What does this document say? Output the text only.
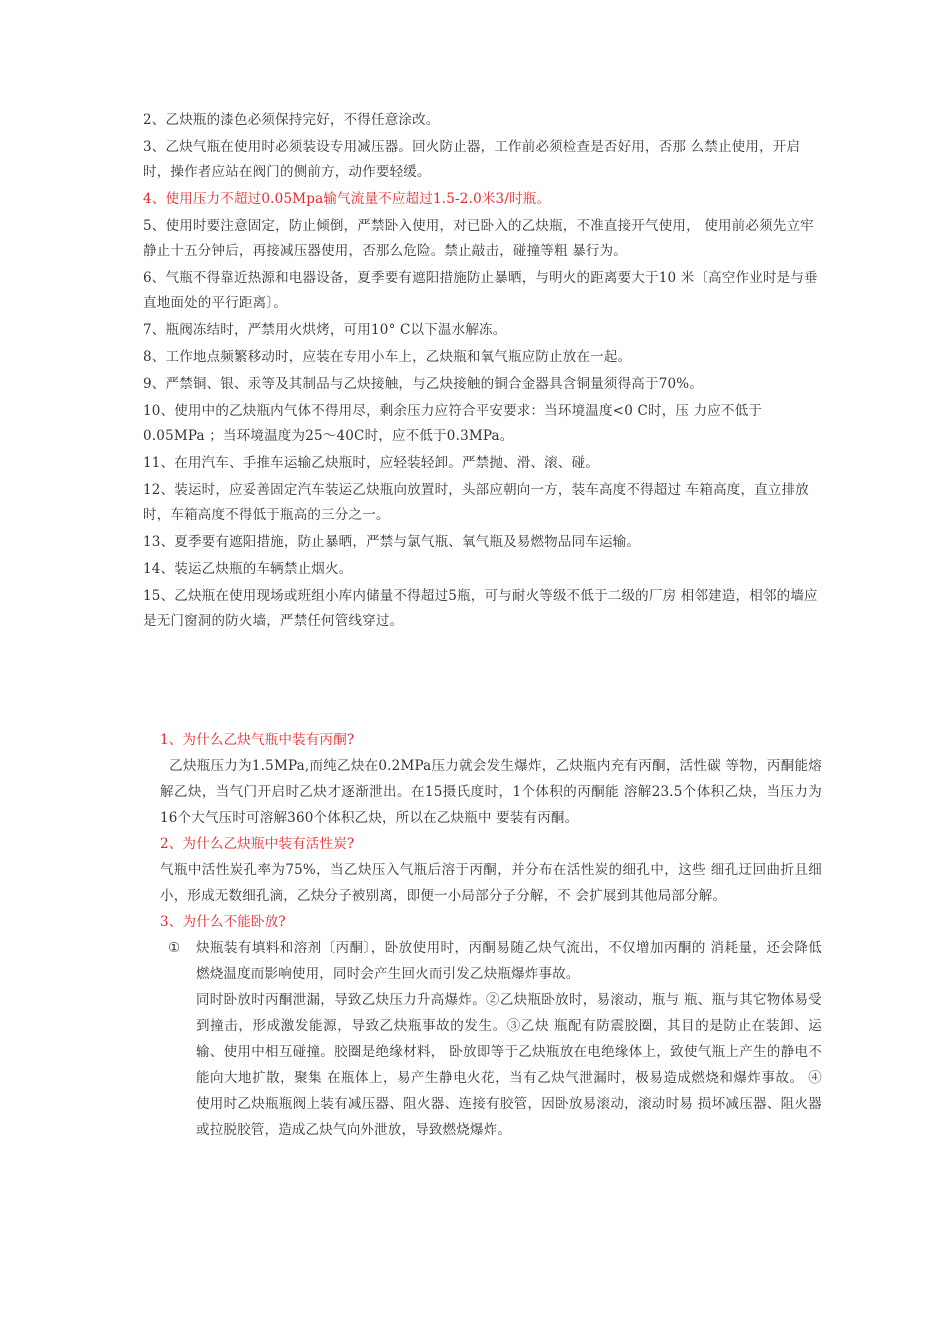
2、乙炔瓶的漆色必须保持完好，不得任意涂改。

3、乙炔气瓶在使用时必须装设专用减压器。回火防止器，工作前必须检查是否好用，否那 么禁止使用，开启时，操作者应站在阀门的侧前方，动作要轻缓。

4、使用压力不超过0.05Mpa输气流量不应超过1.5-2.0米3/时瓶。

5、使用时要注意固定，防止倾倒，严禁卧入使用，对已卧入的乙炔瓶，不准直接开气使用， 使用前必须先立牢静止十五分钟后，再接减压器使用，否那么危险。禁止敲击，碰撞等粗 暴行为。

6、气瓶不得靠近热源和电器设备，夏季要有遮阳措施防止暴晒，与明火的距离要大于10 米〔高空作业时是与垂直地面处的平行距离〕。

7、瓶阀冻结时，严禁用火烘烤，可用10° C以下温水解冻。

8、工作地点频繁移动时，应装在专用小车上，乙炔瓶和氧气瓶应防止放在一起。

9、严禁铜、银、汞等及其制品与乙炔接触，与乙炔接触的铜合金器具含铜量须得高于70%。

10、使用中的乙炔瓶内气体不得用尽，剩余压力应符合平安要求：当环境温度<0 C时，压 力应不低于0.05MPa ；当环境温度为25〜40C时，应不低于0.3MPa。

11、在用汽车、手推车运输乙炔瓶时，应轻装轻卸。严禁抛、滑、滚、碰。

12、装运时，应妥善固定汽车装运乙炔瓶向放置时，头部应朝向一方，装车高度不得超过 车箱高度，直立排放时，车箱高度不得低于瓶高的三分之一。

13、夏季要有遮阳措施，防止暴晒，严禁与氯气瓶、氧气瓶及易燃物品同车运输。

14、装运乙炔瓶的车辆禁止烟火。

15、乙炔瓶在使用现场或班组小库内储量不得超过5瓶，可与耐火等级不低于二级的厂房 相邻建造，相邻的墙应是无门窗洞的防火墙，严禁任何管线穿过。

1、为什么乙炔气瓶中装有丙酮?

乙炔瓶压力为1.5MPa,而纯乙炔在0.2MPa压力就会发生爆炸，乙炔瓶内充有丙酮，活性碳 等物，丙酮能熔解乙炔，当气门开启时乙炔才逐渐泄出。在15摄氏度时，1个体积的丙酮能 溶解23.5个体积乙炔，当压力为16个大气压时可溶解360个体积乙炔，所以在乙炔瓶中 要装有丙酮。

2、为什么乙炔瓶中装有活性炭?

气瓶中活性炭孔率为75%，当乙炔压入气瓶后溶于丙酮，并分布在活性炭的细孔中，这些 细孔迂回曲折且细小，形成无数细孔滴，乙炔分子被别离，即便一小局部分子分解，不 会扩展到其他局部分解。

3、为什么不能卧放?

① 炔瓶装有填料和溶剂〔丙酮〕，卧放使用时，丙酮易随乙炔气流出，不仅增加丙酮的 消耗量，还会降低燃烧温度而影响使用，同时会产生回火而引发乙炔瓶爆炸事故。

同时卧放时丙酮泄漏，导致乙炔压力升高爆炸。②乙炔瓶卧放时，易滚动，瓶与 瓶、瓶与其它物体易受到撞击，形成激发能源，导致乙炔瓶事故的发生。③乙炔 瓶配有防震胶圈，其目的是防止在装卸、运输、使用中相互碰撞。胶圈是绝缘材料， 卧放即等于乙炔瓶放在电绝缘体上，致使气瓶上产生的静电不能向大地扩散，聚集 在瓶体上，易产生静电火花，当有乙炔气泄漏时，极易造成燃烧和爆炸事故。 ④ 使用时乙炔瓶瓶阀上装有减压器、阻火器、连接有胶管，因卧放易滚动，滚动时易 损坏减压器、阻火器或拉脱胶管，造成乙炔气向外泄放，导致燃烧爆炸。
